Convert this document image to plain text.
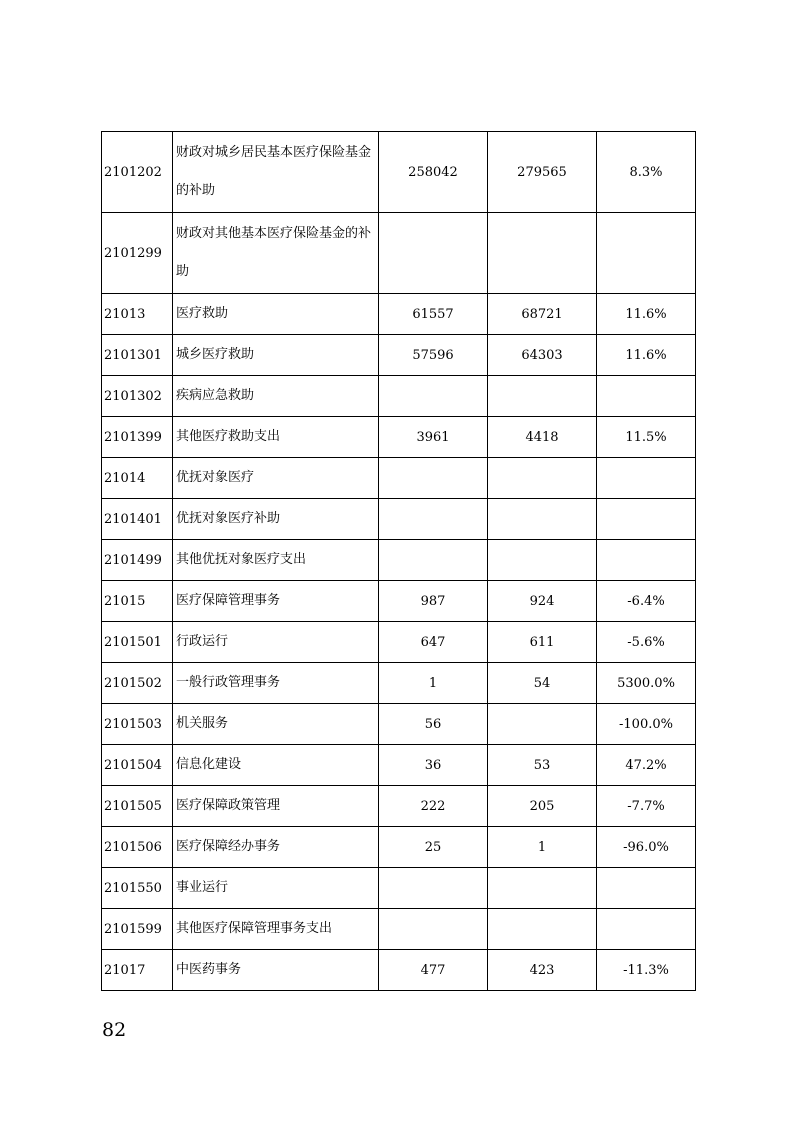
2101202	财政对城乡居民基本医疗保险基金的补助	258042	279565	8.3%
2101299	财政对其他基本医疗保险基金的补助			
21013	医疗救助	61557	68721	11.6%
2101301	城乡医疗救助	57596	64303	11.6%
2101302	疾病应急救助			
2101399	其他医疗救助支出	3961	4418	11.5%
21014	优抚对象医疗			
2101401	优抚对象医疗补助			
2101499	其他优抚对象医疗支出			
21015	医疗保障管理事务	987	924	-6.4%
2101501	行政运行	647	611	-5.6%
2101502	一般行政管理事务	1	54	5300.0%
2101503	机关服务	56		-100.0%
2101504	信息化建设	36	53	47.2%
2101505	医疗保障政策管理	222	205	-7.7%
2101506	医疗保障经办事务	25	1	-96.0%
2101550	事业运行			
2101599	其他医疗保障管理事务支出			
21017	中医药事务	477	423	-11.3%
82
